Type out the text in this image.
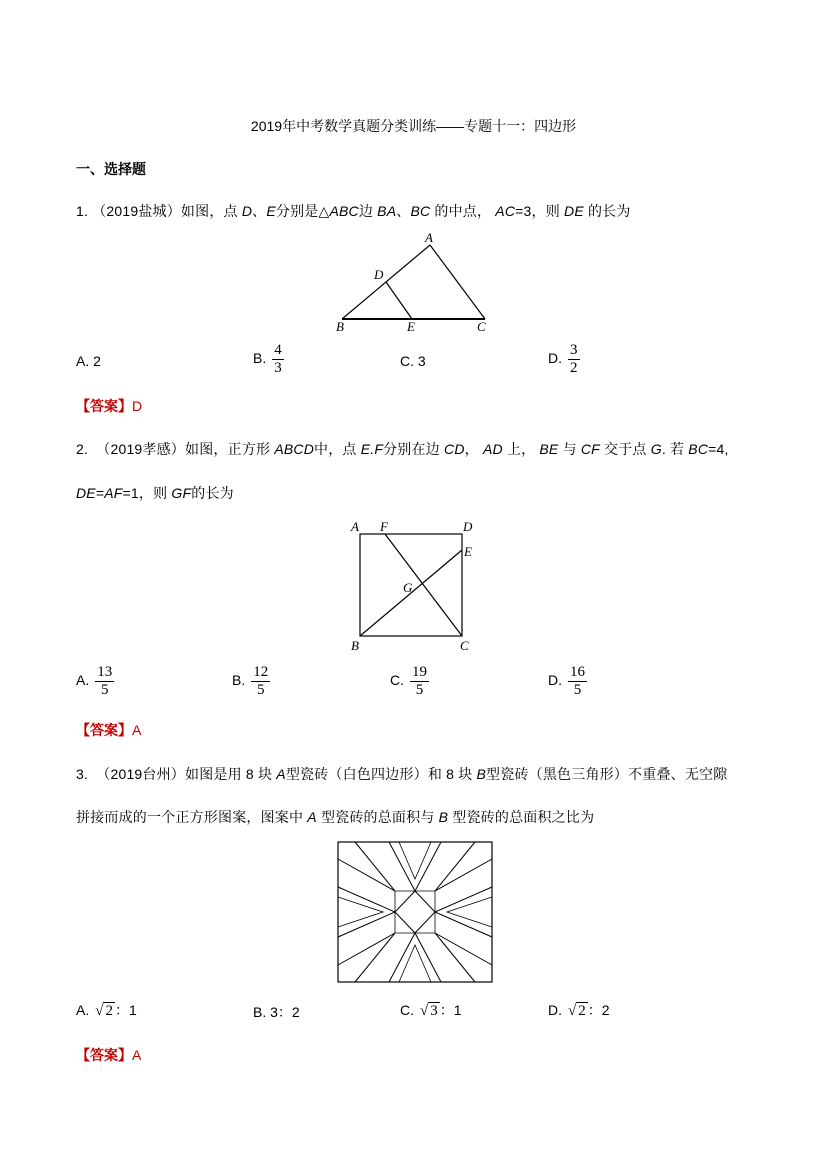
2019年中考数学真题分类训练——专题十一：四边形
一、选择题
1. （2019盐城）如图，点 D、E分别是△ABC边 BA、BC 的中点， AC=3，则 DE 的长为
A
D
B	E	C
A. 2	B. $\frac{4}{3}$	C. 3	D. $\frac{3}{2}$
【答案】D
2. （2019孝感）如图，正方形 ABCD中，点 E.F分别在边 CD， AD 上， BE 与 CF 交于点 G. 若 BC=4,
DE=AF=1，则 GF的长为
A F	D
E
G
B	C
A. $\frac{13}{5}$	B. $\frac{12}{5}$	C. $\frac{19}{5}$	D. $\frac{16}{5}$
【答案】A
3. （2019台州）如图是用 8 块 A型瓷砖（白色四边形）和 8 块 B型瓷砖（黑色三角形）不重叠、无空隙
拼接而成的一个正方形图案，图案中 A 型瓷砖的总面积与 B 型瓷砖的总面积之比为
A. √ 2 ：1	B. 3：2	C. √ 3 ：1	D. √ 2 ：2
【答案】A
